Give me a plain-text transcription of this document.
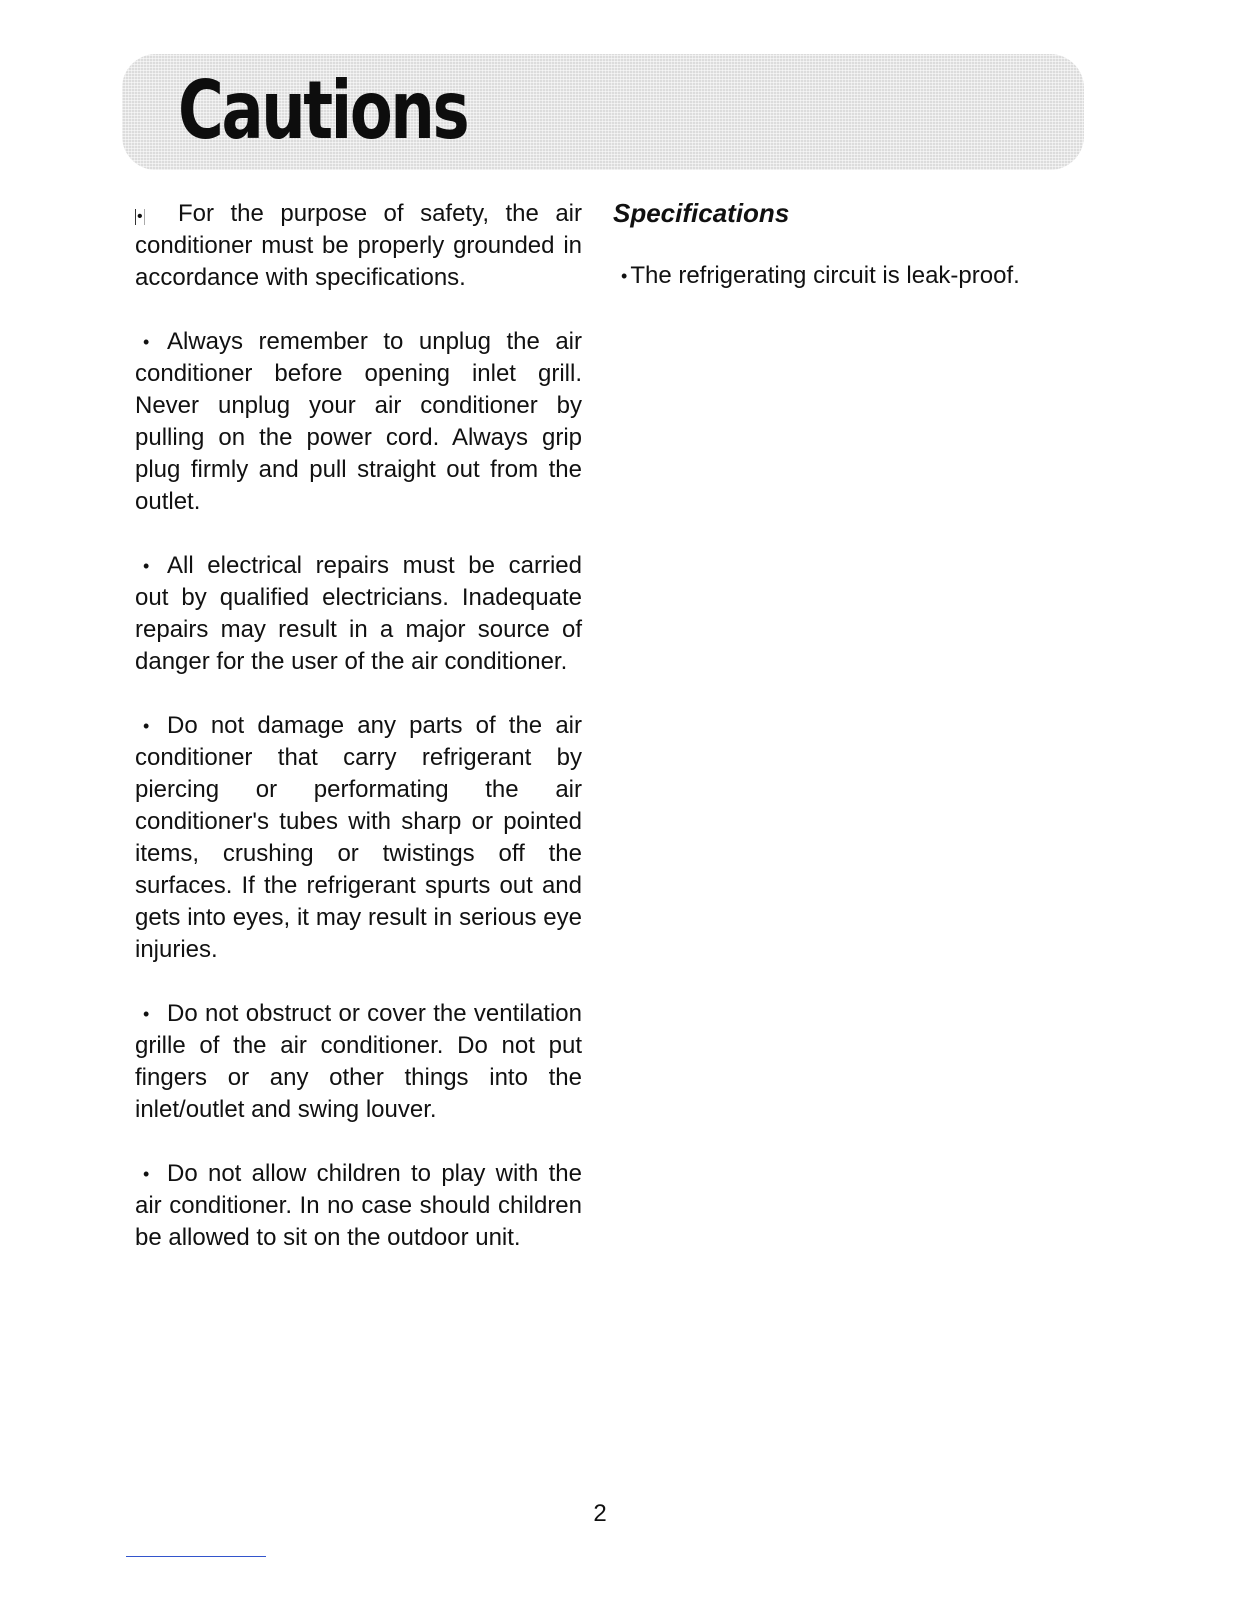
Cautions

• For the purpose of safety, the air conditioner must be properly grounded in accordance with specifications.

• Always remember to unplug the air conditioner before opening inlet grill. Never unplug your air conditioner by pulling on the power cord. Always grip plug firmly and pull straight out from the outlet.

• All electrical repairs must be carried out by qualified electricians. Inadequate repairs may result in a major source of danger for the user of the air conditioner.

• Do not damage any parts of the air conditioner that carry refrigerant by piercing or performating the air conditioner's tubes with sharp or pointed items, crushing or twistings off the surfaces. If the refrigerant spurts out and gets into eyes, it may result in serious eye injuries.

• Do not obstruct or cover the ventilation grille of the air conditioner. Do not put fingers or any other things into the inlet/outlet and swing louver.

• Do not allow children to play with the air conditioner. In no case should children be allowed to sit on the outdoor unit.

Specifications

• The refrigerating circuit is leak-proof.

2
